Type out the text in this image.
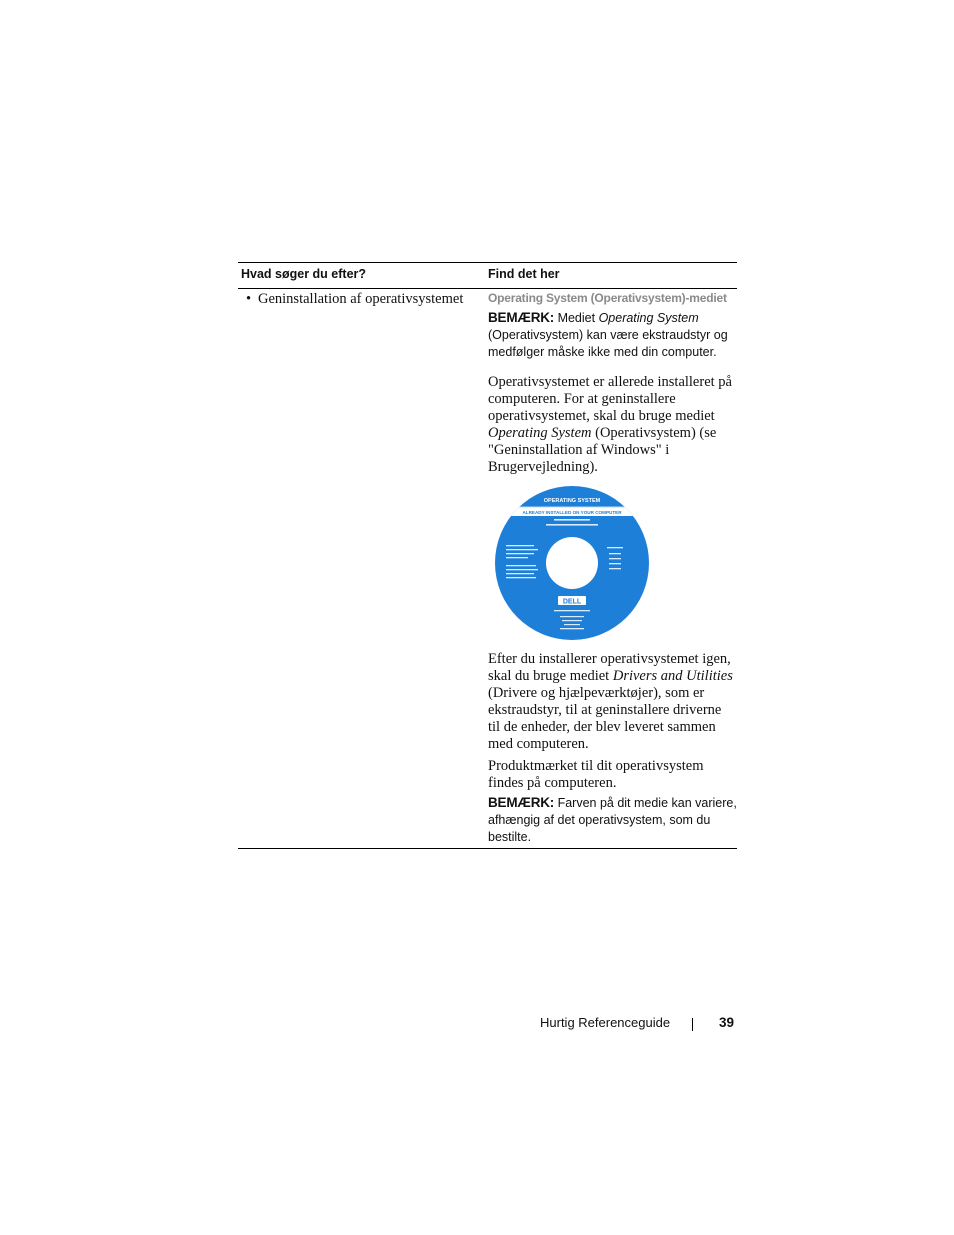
Hvad søger du efter?	Find det her
• Geninstallation af operativsystemet Operating System (Operativsystem)-mediet
BEMÆRK: Mediet Operating System (Operativsystem) kan være ekstraudstyr og medfølger måske ikke med din computer.
Operativsystemet er allerede installeret på computeren. For at geninstallere operativsystemet, skal du bruge mediet Operating System (Operativsystem) (se "Geninstallation af Windows" i Brugervejledning).
OPERATING SYSTEM
ALREADY INSTALLED ON YOUR COMPUTER
DELL
Efter du installerer operativsystemet igen, skal du bruge mediet Drivers and Utilities (Drivere og hjælpeværktøjer), som er ekstraudstyr, til at geninstallere driverne til de enheder, der blev leveret sammen med computeren.
Produktmærket til dit operativsystem findes på computeren.
BEMÆRK: Farven på dit medie kan variere, afhængig af det operativsystem, som du bestilte.
Hurtig Referenceguide	39
